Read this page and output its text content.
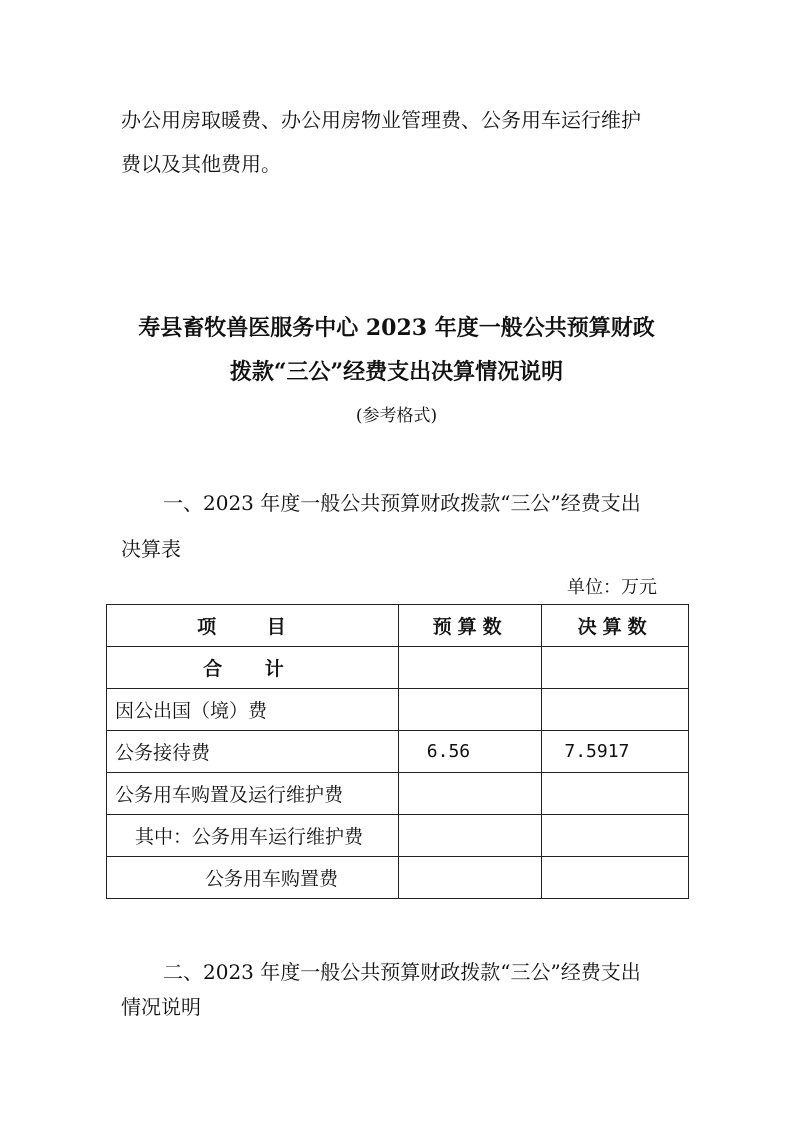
办公用房取暖费、办公用房物业管理费、公务用车运行维护

费以及其他费用。

寿县畜牧兽医服务中心 2023 年度一般公共预算财政
拨款“三公”经费支出决算情况说明
(参考格式)

一、2023 年度一般公共预算财政拨款“三公”经费支出

决算表

单位：万元
项 目	预算数	决算数
合 计		
因公出国（境）费		
公务接待费	6.56	7.5917
公务用车购置及运行维护费		
其中：公务用车运行维护费		
公务用车购置费		

二、2023 年度一般公共预算财政拨款“三公”经费支出

情况说明
